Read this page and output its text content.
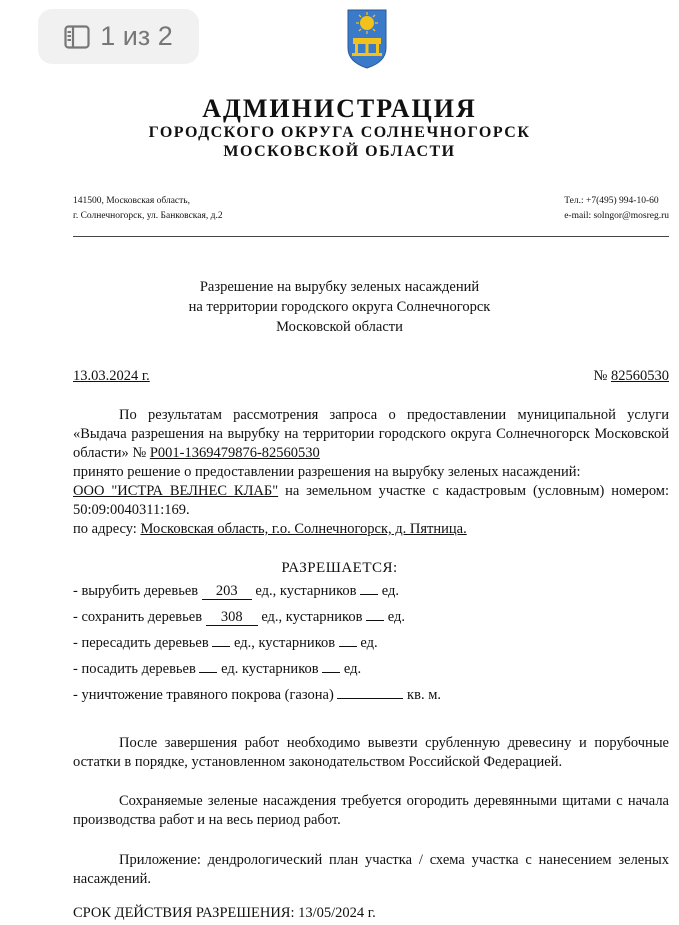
1 из 2
АДМИНИСТРАЦИЯ
ГОРОДСКОГО ОКРУГА СОЛНЕЧНОГОРСК
МОСКОВСКОЙ ОБЛАСТИ
141500, Московская область,
г. Солнечногорск, ул. Банковская, д.2
Тел.: +7(495) 994-10-60
e-mail: solngor@mosreg.ru
Разрешение на вырубку зеленых насаждений
на территории городского округа Солнечногорск
Московской области
13.03.2024 г.	№ 82560530
По результатам рассмотрения запроса о предоставлении муниципальной услуги «Выдача разрешения на вырубку на территории городского округа Солнечногорск Московской области» № Р001-1369479876-82560530
принято решение о предоставлении разрешения на вырубку зеленых насаждений:
ООО "ИСТРА ВЕЛНЕС КЛАБ" на земельном участке с кадастровым (условным) номером: 50:09:0040311:169.
по адресу: Московская область, г.о. Солнечногорск, д. Пятница.
РАЗРЕШАЕТСЯ:
- вырубить деревьев 203 ед., кустарников  ед.
- сохранить деревьев 308 ед., кустарников  ед.
- пересадить деревьев  ед., кустарников  ед.
- посадить деревьев  ед. кустарников  ед.
- уничтожение травяного покрова (газона)	кв. м.
После завершения работ необходимо вывезти срубленную древесину и порубочные остатки в порядке, установленном законодательством Российской Федерацией.
Сохраняемые зеленые насаждения требуется огородить деревянными щитами с начала производства работ и на весь период работ.
Приложение: дендрологический план участка / схема участка с нанесением зеленых насаждений.
СРОК ДЕЙСТВИЯ РАЗРЕШЕНИЯ: 13/05/2024 г.
